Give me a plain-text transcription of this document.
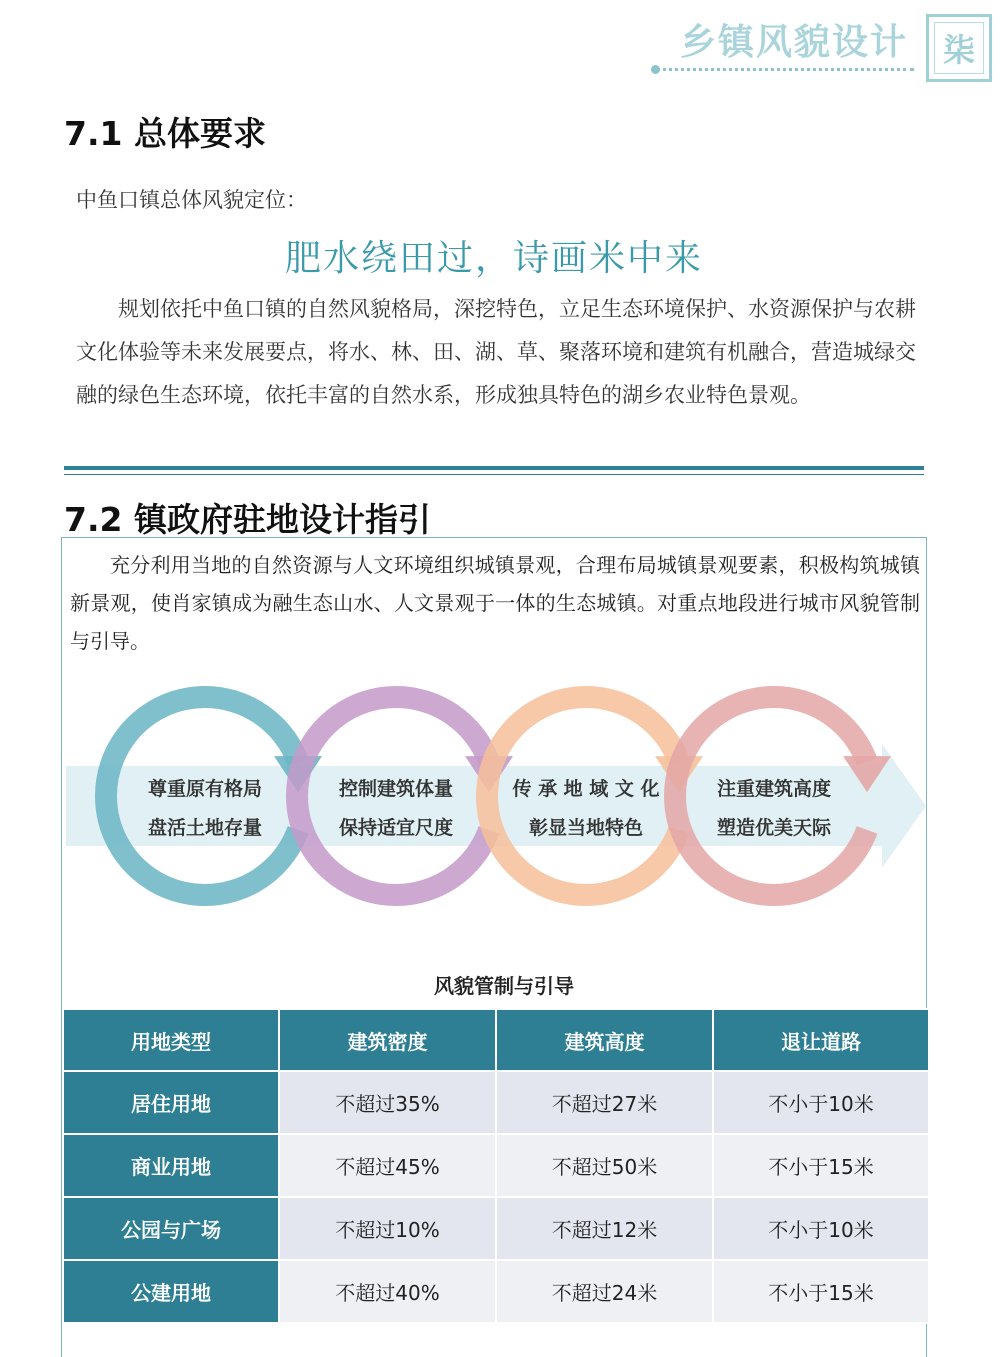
乡镇风貌设计 柒
7.1 总体要求
中鱼口镇总体风貌定位：
肥水绕田过，诗画米中来
规划依托中鱼口镇的自然风貌格局，深挖特色，立足生态环境保护、水资源保护与农耕文化体验等未来发展要点，将水、林、田、湖、草、聚落环境和建筑有机融合，营造城绿交融的绿色生态环境，依托丰富的自然水系，形成独具特色的湖乡农业特色景观。
7.2 镇政府驻地设计指引
充分利用当地的自然资源与人文环境组织城镇景观，合理布局城镇景观要素，积极构筑城镇新景观，使肖家镇成为融生态山水、人文景观于一体的生态城镇。对重点地段进行城市风貌管制与引导。
尊重原有格局
盘活土地存量
控制建筑体量
保持适宜尺度
传 承 地 域 文 化
彰显当地特色
注重建筑高度
塑造优美天际
风貌管制与引导
用地类型	建筑密度	建筑高度	退让道路
居住用地	不超过35%	不超过27米	不小于10米
商业用地	不超过45%	不超过50米	不小于15米
公园与广场	不超过10%	不超过12米	不小于10米
公建用地	不超过40%	不超过24米	不小于15米
